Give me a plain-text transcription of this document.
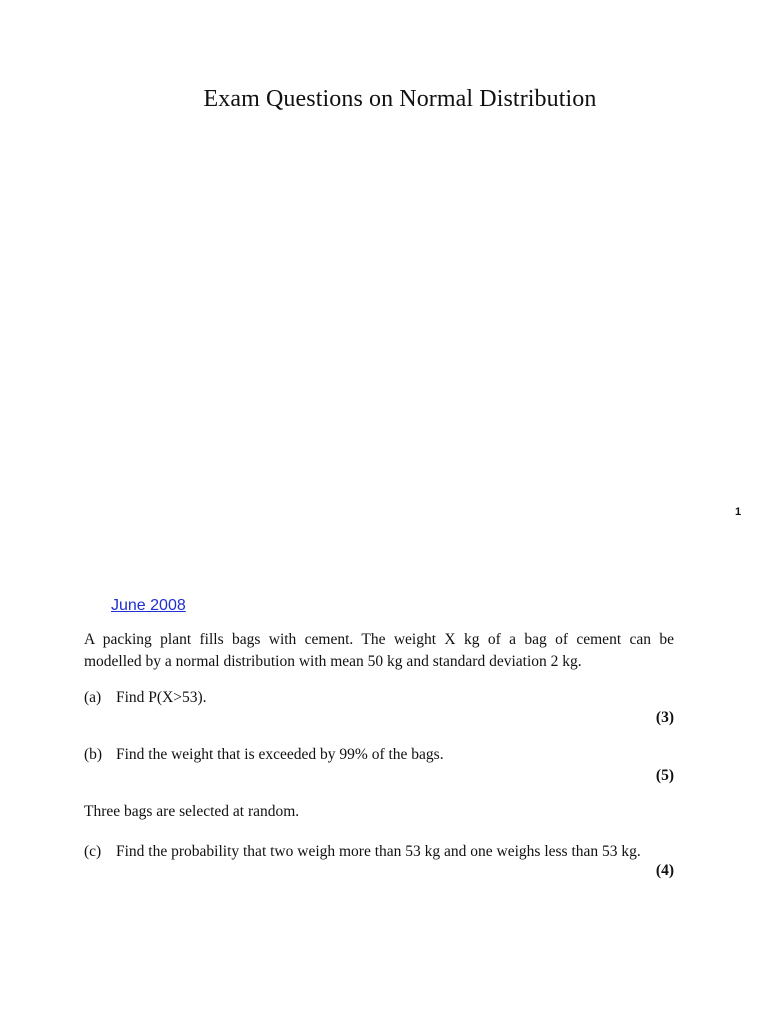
Exam Questions on Normal Distribution
1
June 2008
A packing plant fills bags with cement. The weight X kg of a bag of cement can be
modelled by a normal distribution with mean 50 kg and standard deviation 2 kg.
(a) Find P(X>53).
(3)
(b) Find the weight that is exceeded by 99% of the bags.
(5)
Three bags are selected at random.
(c) Find the probability that two weigh more than 53 kg and one weighs less than 53 kg.
(4)
